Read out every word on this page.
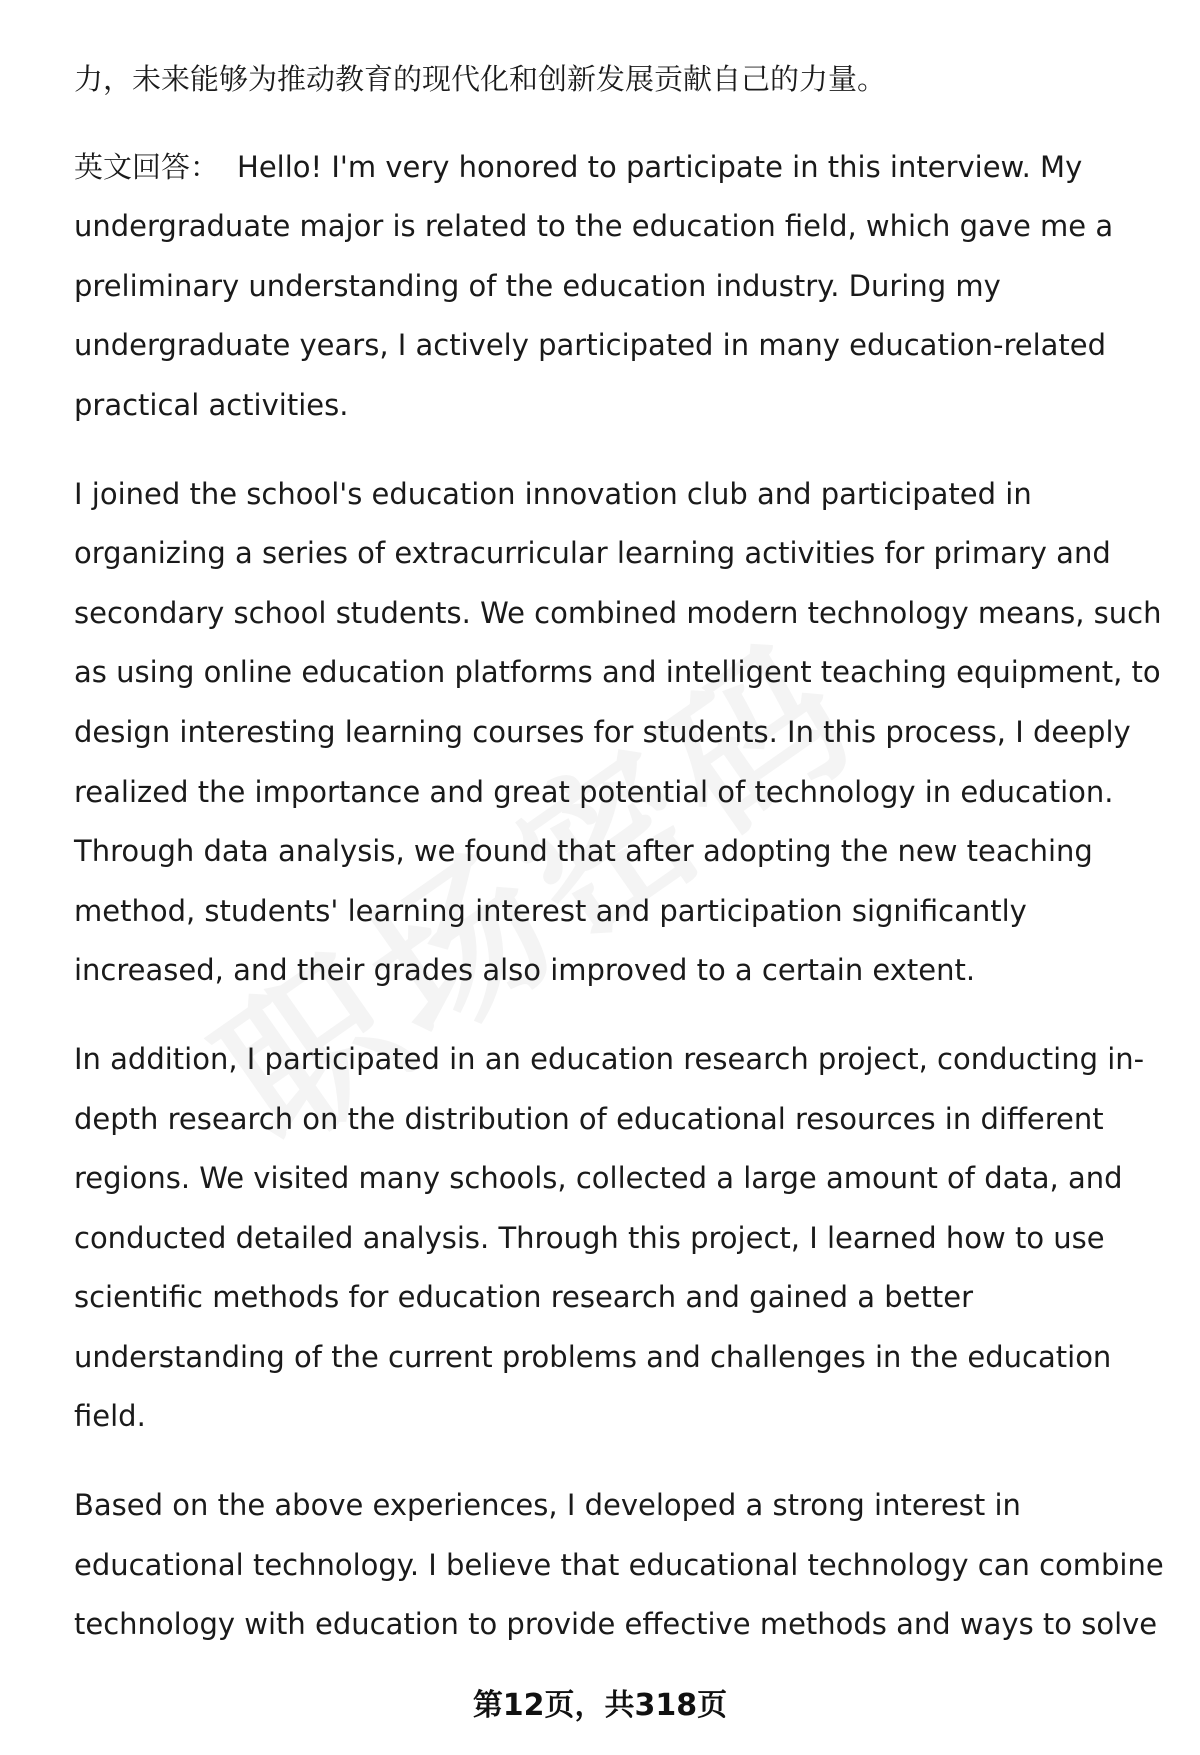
力，未来能够为推动教育的现代化和创新发展贡献自己的力量。

英文回答： Hello! I'm very honored to participate in this interview. My undergraduate major is related to the education field, which gave me a preliminary understanding of the education industry. During my undergraduate years, I actively participated in many education-related practical activities.

I joined the school's education innovation club and participated in organizing a series of extracurricular learning activities for primary and secondary school students. We combined modern technology means, such as using online education platforms and intelligent teaching equipment, to design interesting learning courses for students. In this process, I deeply realized the importance and great potential of technology in education. Through data analysis, we found that after adopting the new teaching method, students' learning interest and participation significantly increased, and their grades also improved to a certain extent.

In addition, I participated in an education research project, conducting in-depth research on the distribution of educational resources in different regions. We visited many schools, collected a large amount of data, and conducted detailed analysis. Through this project, I learned how to use scientific methods for education research and gained a better understanding of the current problems and challenges in the education field.

Based on the above experiences, I developed a strong interest in educational technology. I believe that educational technology can combine technology with education to provide effective methods and ways to solve

第12页，共318页
